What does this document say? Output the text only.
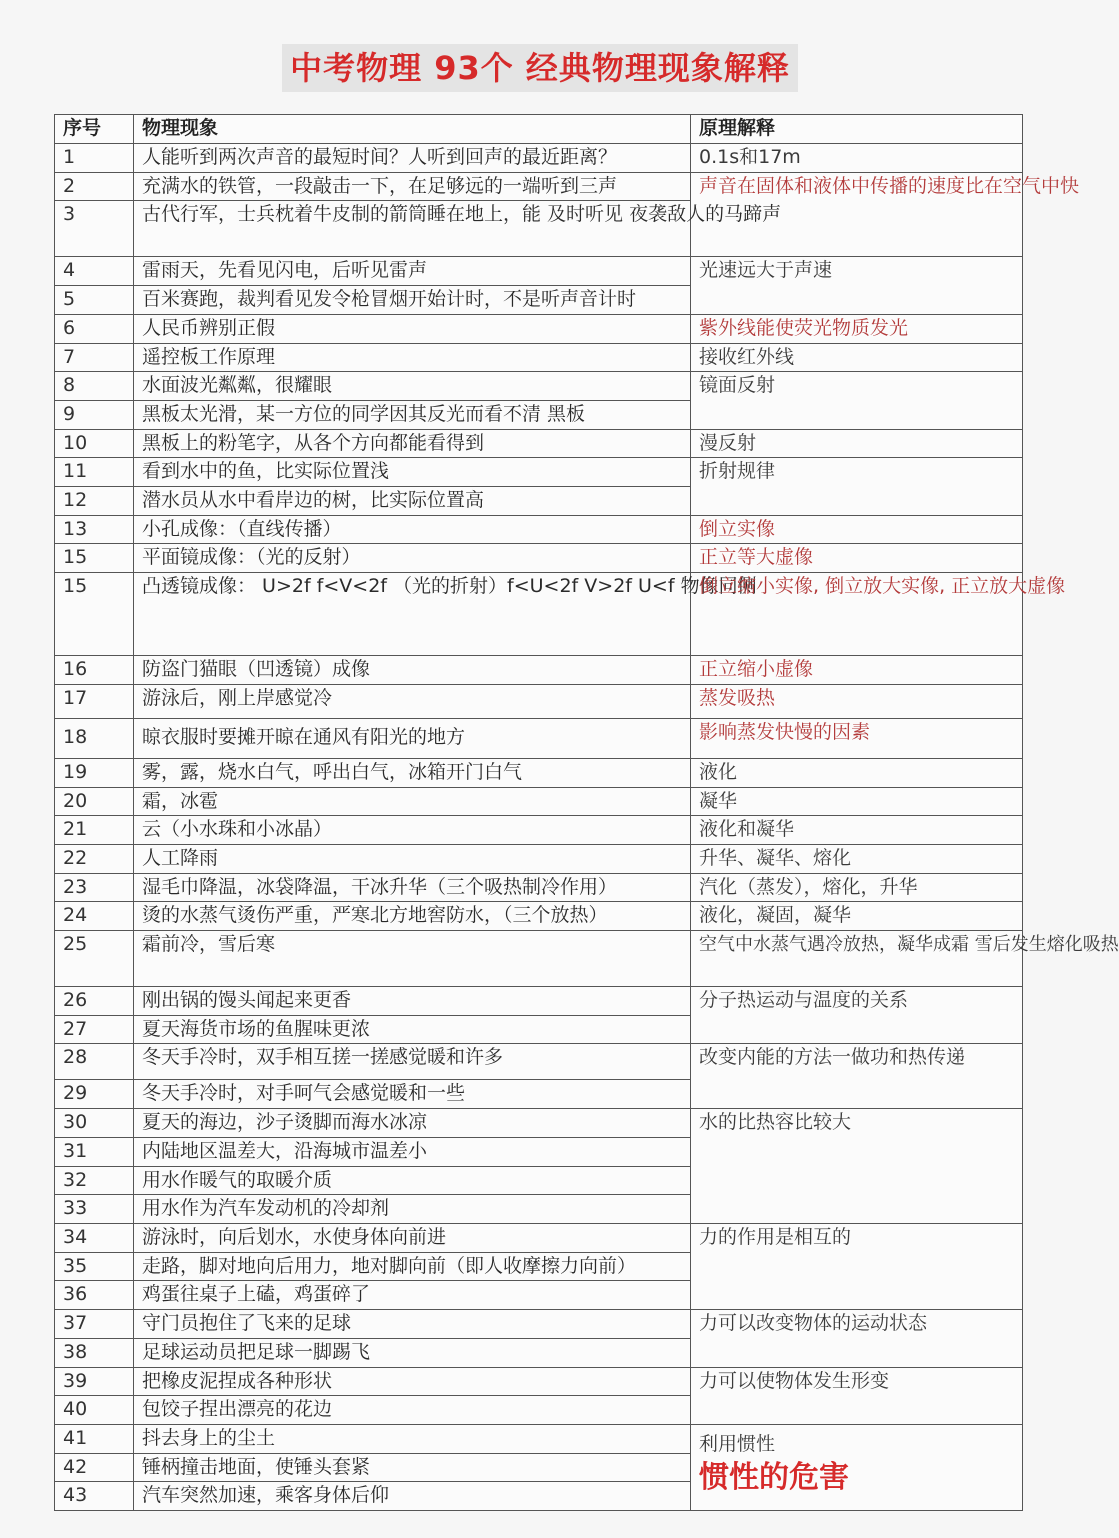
中考物理 93个 经典物理现象解释
序号	物理现象	原理解释
1	人能听到两次声音的最短时间？人听到回声的最近距离？	0.1s和17m
2	充满水的铁管，一段敲击一下，在足够远的一端听到三声	声音在固体和液体中传播的速度比在空气中快
3	古代行军，士兵枕着牛皮制的箭筒睡在地上，能 及时听见 夜袭敌人的马蹄声	
4	雷雨天，先看见闪电，后听见雷声	光速远大于声速
5	百米赛跑，裁判看见发令枪冒烟开始计时，不是听声音计时	
6	人民币辨别正假	紫外线能使荧光物质发光
7	遥控板工作原理	接收红外线
8	水面波光粼粼，很耀眼	镜面反射
9	黑板太光滑，某一方位的同学因其反光而看不清 黑板	
10	黑板上的粉笔字，从各个方向都能看得到	漫反射
11	看到水中的鱼，比实际位置浅	折射规律
12	潜水员从水中看岸边的树，比实际位置高	
13	小孔成像：（直线传播）	倒立实像
15	平面镜成像：（光的反射）	正立等大虚像
15	凸透镜成像： U>2f f<V<2f （光的折射）f<U<2f V>2f U<f 物像同侧	倒立缩小实像, 倒立放大实像, 正立放大虚像
16	防盗门猫眼（凹透镜）成像	正立缩小虚像
17	游泳后，刚上岸感觉冷	蒸发吸热
18	晾衣服时要摊开晾在通风有阳光的地方	影响蒸发快慢的因素
19	雾，露，烧水白气，呼出白气，冰箱开门白气	液化
20	霜，冰雹	凝华
21	云（小水珠和小冰晶）	液化和凝华
22	人工降雨	升华、凝华、熔化
23	湿毛巾降温，冰袋降温，干冰升华（三个吸热制冷作用）	汽化（蒸发），熔化，升华
24	烫的水蒸气烫伤严重，严寒北方地窖防水，（三个放热）	液化，凝固，凝华
25	霜前冷，雪后寒	空气中水蒸气遇冷放热，凝华成霜 雪后发生熔化吸热
26	刚出锅的馒头闻起来更香	分子热运动与温度的关系
27	夏天海货市场的鱼腥味更浓	
28	冬天手冷时，双手相互搓一搓感觉暖和许多	改变内能的方法一做功和热传递
29	冬天手冷时，对手呵气会感觉暖和一些	
30	夏天的海边，沙子烫脚而海水冰凉	水的比热容比较大
31	内陆地区温差大，沿海城市温差小	
32	用水作暖气的取暖介质	
33	用水作为汽车发动机的冷却剂	
34	游泳时，向后划水，水使身体向前进	力的作用是相互的
35	走路，脚对地向后用力，地对脚向前（即人收摩擦力向前）	
36	鸡蛋往桌子上磕，鸡蛋碎了	
37	守门员抱住了飞来的足球	力可以改变物体的运动状态
38	足球运动员把足球一脚踢飞	
39	把橡皮泥捏成各种形状	力可以使物体发生形变
40	包饺子捏出漂亮的花边	
41	抖去身上的尘土	利用惯性
惯性的危害

42	锤柄撞击地面，使锤头套紧	
43	汽车突然加速，乘客身体后仰	
